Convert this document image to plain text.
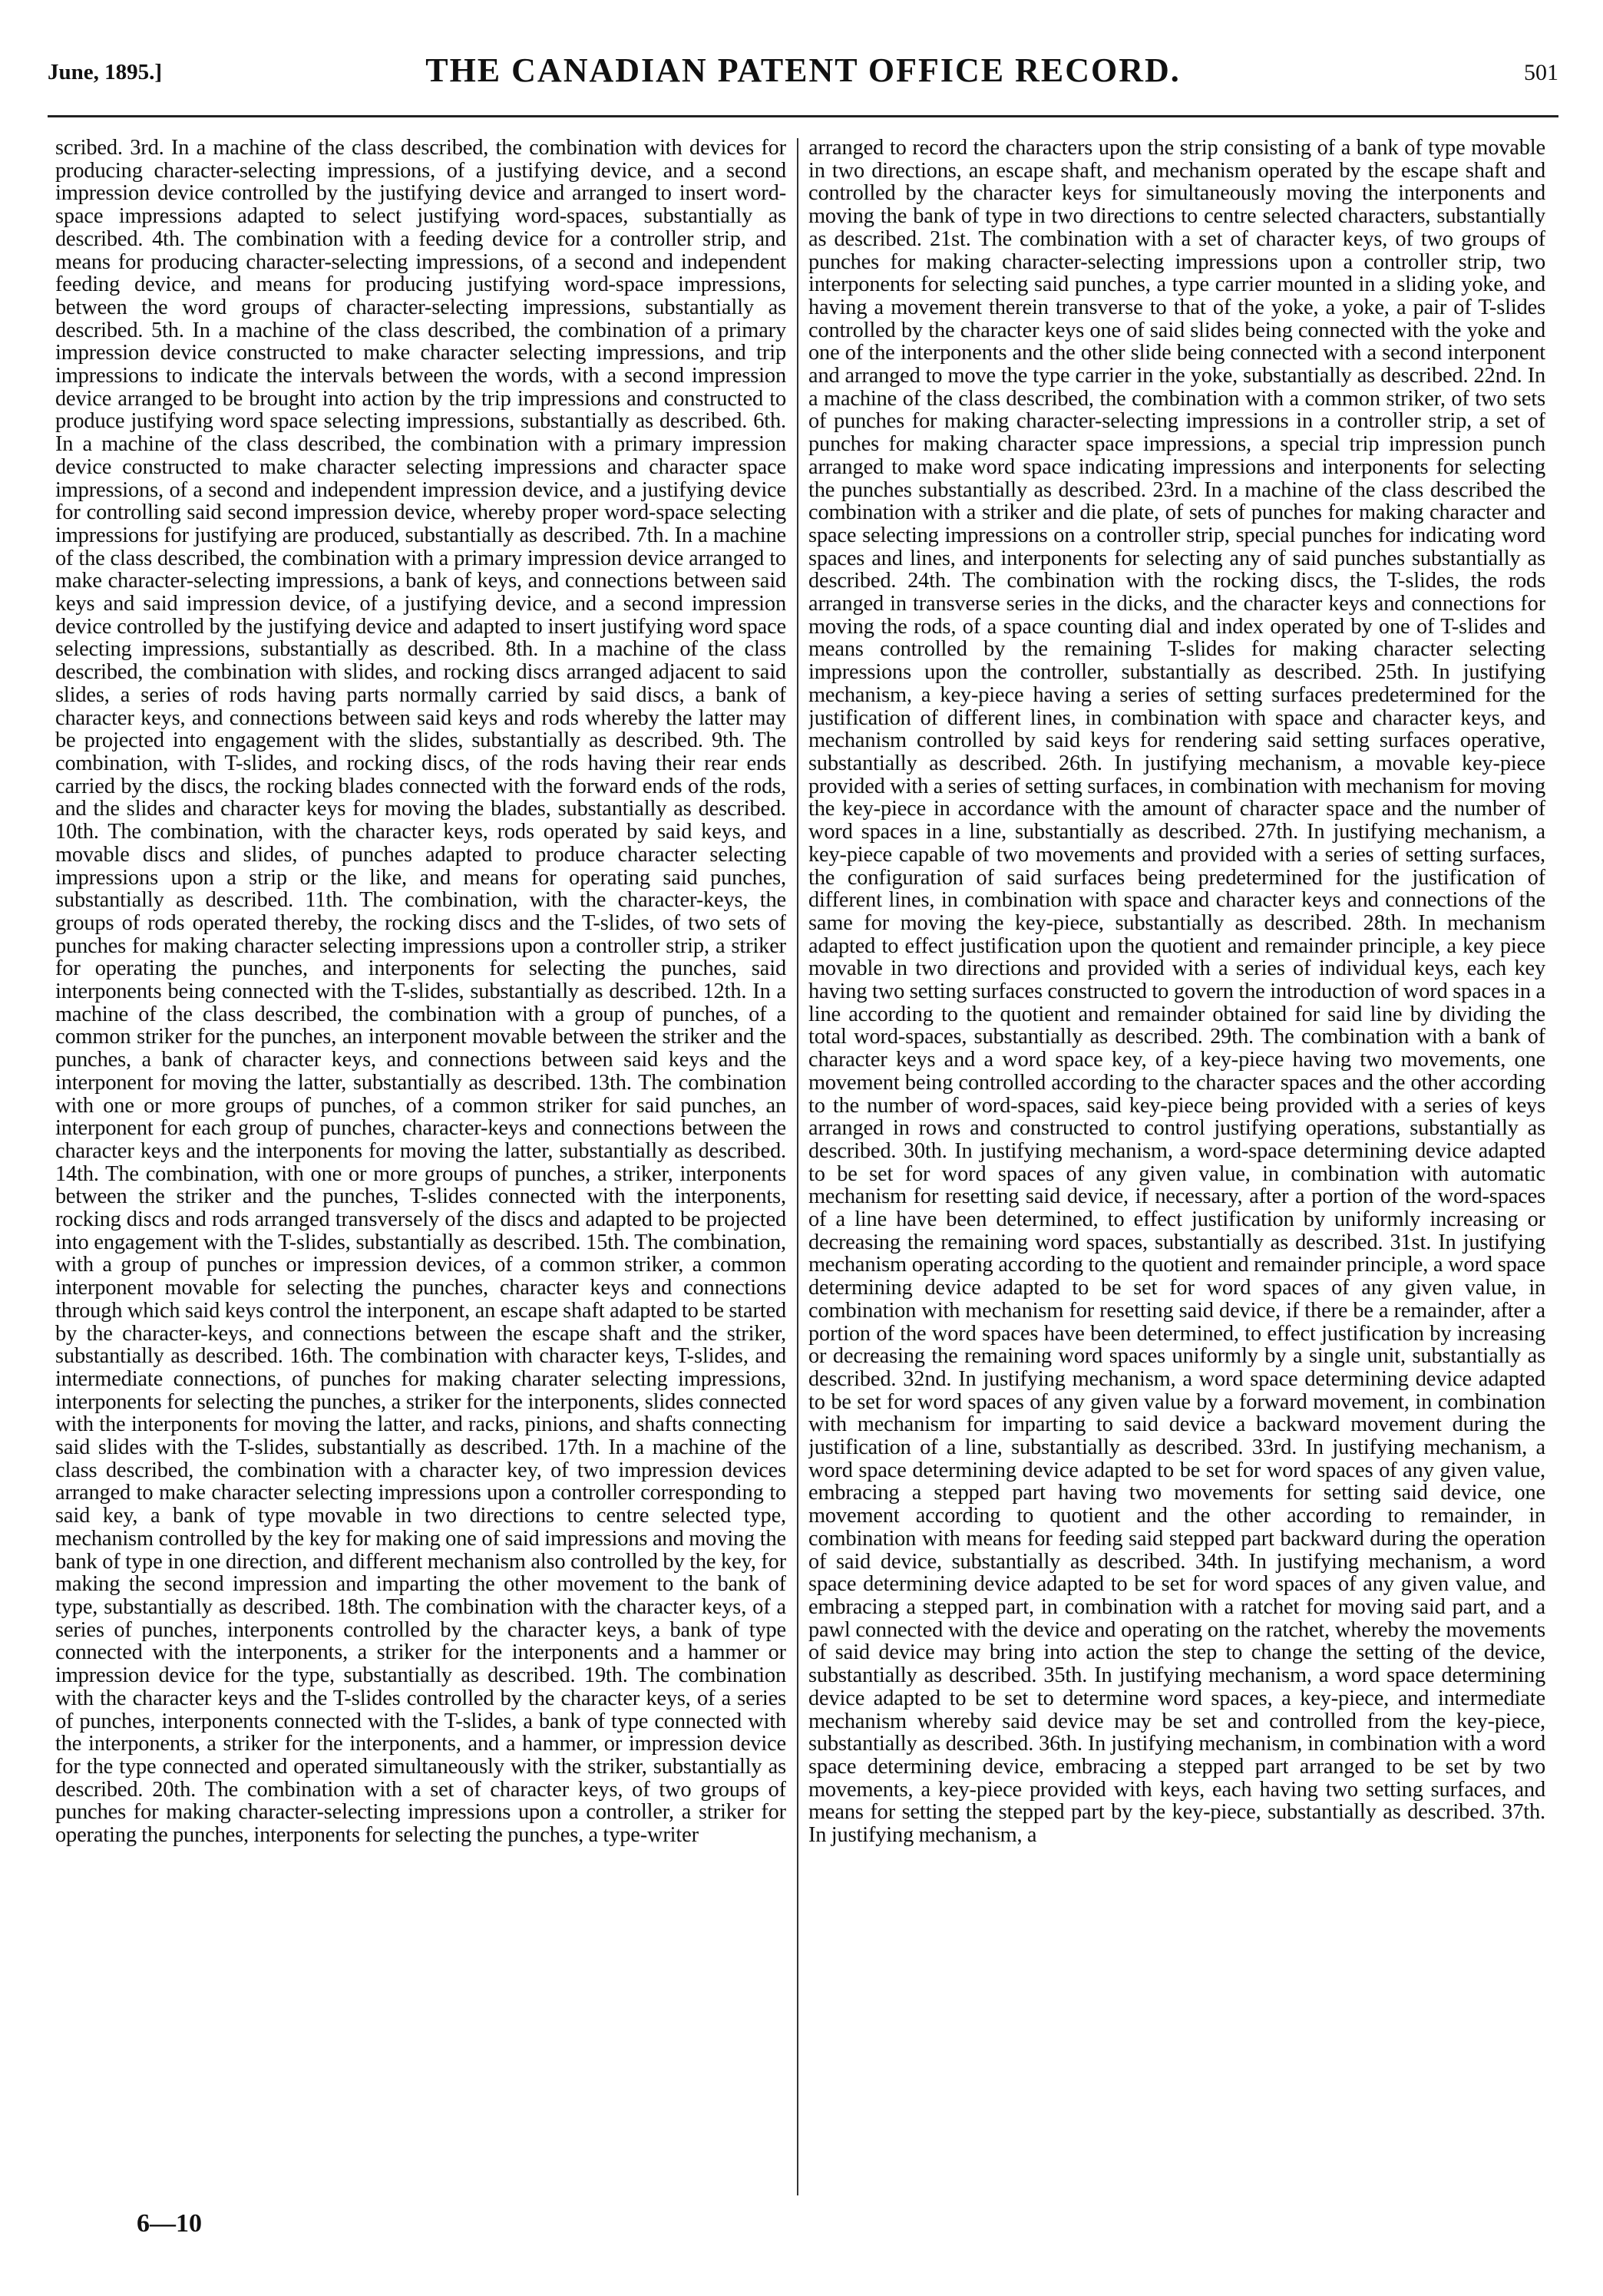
June, 1895.]	THE CANADIAN PATENT OFFICE RECORD.	501

scribed. 3rd. In a machine of the class described, the combination with devices for producing character-selecting impressions, of a justifying device, and a second impression device controlled by the justifying device and arranged to insert word-space impressions adapted to select justifying word-spaces, substantially as described. 4th. The combination with a feeding device for a controller strip, and means for producing character-selecting impressions, of a second and independent feeding device, and means for producing justifying word-space impressions, between the word groups of character-selecting impressions, substantially as described. 5th. In a machine of the class described, the combination of a primary impression device constructed to make character selecting impressions, and trip impressions to indicate the intervals between the words, with a second impression device arranged to be brought into action by the trip impressions and constructed to produce justifying word space selecting impressions, substantially as described. 6th. In a machine of the class described, the combination with a primary impression device constructed to make character selecting impressions and character space impressions, of a second and independent impression device, and a justifying device for controlling said second impression device, whereby proper word-space selecting impressions for justifying are produced, substantially as described. 7th. In a machine of the class described, the combination with a primary impression device arranged to make character-selecting impressions, a bank of keys, and connections between said keys and said impression device, of a justifying device, and a second impression device controlled by the justifying device and adapted to insert justifying word space selecting impressions, substantially as described. 8th. In a machine of the class described, the combination with slides, and rocking discs arranged adjacent to said slides, a series of rods having parts normally carried by said discs, a bank of character keys, and connections between said keys and rods whereby the latter may be projected into engagement with the slides, substantially as described. 9th. The combination, with T-slides, and rocking discs, of the rods having their rear ends carried by the discs, the rocking blades connected with the forward ends of the rods, and the slides and character keys for moving the blades, substantially as described. 10th. The combination, with the character keys, rods operated by said keys, and movable discs and slides, of punches adapted to produce character selecting impressions upon a strip or the like, and means for operating said punches, substantially as described. 11th. The combination, with the character-keys, the groups of rods operated thereby, the rocking discs and the T-slides, of two sets of punches for making character selecting impressions upon a controller strip, a striker for operating the punches, and interponents for selecting the punches, said interponents being connected with the T-slides, substantially as described. 12th. In a machine of the class described, the combination with a group of punches, of a common striker for the punches, an interponent movable between the striker and the punches, a bank of character keys, and connections between said keys and the interponent for moving the latter, substantially as described. 13th. The combination with one or more groups of punches, of a common striker for said punches, an interponent for each group of punches, character-keys and connections between the character keys and the interponents for moving the latter, substantially as described. 14th. The combination, with one or more groups of punches, a striker, interponents between the striker and the punches, T-slides connected with the interponents, rocking discs and rods arranged transversely of the discs and adapted to be projected into engagement with the T-slides, substantially as described. 15th. The combination, with a group of punches or impression devices, of a common striker, a common interponent movable for selecting the punches, character keys and connections through which said keys control the interponent, an escape shaft adapted to be started by the character-keys, and connections between the escape shaft and the striker, substantially as described. 16th. The combination with character keys, T-slides, and intermediate connections, of punches for making charater selecting impressions, interponents for selecting the punches, a striker for the interponents, slides connected with the interponents for moving the latter, and racks, pinions, and shafts connecting said slides with the T-slides, substantially as described. 17th. In a machine of the class described, the combination with a character key, of two impression devices arranged to make character selecting impressions upon a controller corresponding to said key, a bank of type movable in two directions to centre selected type, mechanism controlled by the key for making one of said impressions and moving the bank of type in one direction, and different mechanism also controlled by the key, for making the second impression and imparting the other movement to the bank of type, substantially as described. 18th. The combination with the character keys, of a series of punches, interponents controlled by the character keys, a bank of type connected with the interponents, a striker for the interponents and a hammer or impression device for the type, substantially as described. 19th. The combination with the character keys and the T-slides controlled by the character keys, of a series of punches, interponents connected with the T-slides, a bank of type connected with the interponents, a striker for the interponents, and a hammer, or impression device for the type connected and operated simultaneously with the striker, substantially as described. 20th. The combination with a set of character keys, of two groups of punches for making character-selecting impressions upon a controller, a striker for operating the punches, interponents for selecting the punches, a type-writer

arranged to record the characters upon the strip consisting of a bank of type movable in two directions, an escape shaft, and mechanism operated by the escape shaft and controlled by the character keys for simultaneously moving the interponents and moving the bank of type in two directions to centre selected characters, substantially as described. 21st. The combination with a set of character keys, of two groups of punches for making character-selecting impressions upon a controller strip, two interponents for selecting said punches, a type carrier mounted in a sliding yoke, and having a movement therein transverse to that of the yoke, a yoke, a pair of T-slides controlled by the character keys one of said slides being connected with the yoke and one of the interponents and the other slide being connected with a second interponent and arranged to move the type carrier in the yoke, substantially as described. 22nd. In a machine of the class described, the combination with a common striker, of two sets of punches for making character-selecting impressions in a controller strip, a set of punches for making character space impressions, a special trip impression punch arranged to make word space indicating impressions and interponents for selecting the punches substantially as described. 23rd. In a machine of the class described the combination with a striker and die plate, of sets of punches for making character and space selecting impressions on a controller strip, special punches for indicating word spaces and lines, and interponents for selecting any of said punches substantially as described. 24th. The combination with the rocking discs, the T-slides, the rods arranged in transverse series in the dicks, and the character keys and connections for moving the rods, of a space counting dial and index operated by one of T-slides and means controlled by the remaining T-slides for making character selecting impressions upon the controller, substantially as described. 25th. In justifying mechanism, a key-piece having a series of setting surfaces predetermined for the justification of different lines, in combination with space and character keys, and mechanism controlled by said keys for rendering said setting surfaces operative, substantially as described. 26th. In justifying mechanism, a movable key-piece provided with a series of setting surfaces, in combination with mechanism for moving the key-piece in accordance with the amount of character space and the number of word spaces in a line, substantially as described. 27th. In justifying mechanism, a key-piece capable of two movements and provided with a series of setting surfaces, the configuration of said surfaces being predetermined for the justification of different lines, in combination with space and character keys and connections of the same for moving the key-piece, substantially as described. 28th. In mechanism adapted to effect justification upon the quotient and remainder principle, a key piece movable in two directions and provided with a series of individual keys, each key having two setting surfaces constructed to govern the introduction of word spaces in a line according to the quotient and remainder obtained for said line by dividing the total word-spaces, substantially as described. 29th. The combination with a bank of character keys and a word space key, of a key-piece having two movements, one movement being controlled according to the character spaces and the other according to the number of word-spaces, said key-piece being provided with a series of keys arranged in rows and constructed to control justifying operations, substantially as described. 30th. In justifying mechanism, a word-space determining device adapted to be set for word spaces of any given value, in combination with automatic mechanism for resetting said device, if necessary, after a portion of the word-spaces of a line have been determined, to effect justification by uniformly increasing or decreasing the remaining word spaces, substantially as described. 31st. In justifying mechanism operating according to the quotient and remainder principle, a word space determining device adapted to be set for word spaces of any given value, in combination with mechanism for resetting said device, if there be a remainder, after a portion of the word spaces have been determined, to effect justification by increasing or decreasing the remaining word spaces uniformly by a single unit, substantially as described. 32nd. In justifying mechanism, a word space determining device adapted to be set for word spaces of any given value by a forward movement, in combination with mechanism for imparting to said device a backward movement during the justification of a line, substantially as described. 33rd. In justifying mechanism, a word space determining device adapted to be set for word spaces of any given value, embracing a stepped part having two movements for setting said device, one movement according to quotient and the other according to remainder, in combination with means for feeding said stepped part backward during the operation of said device, substantially as described. 34th. In justifying mechanism, a word space determining device adapted to be set for word spaces of any given value, and embracing a stepped part, in combination with a ratchet for moving said part, and a pawl connected with the device and operating on the ratchet, whereby the movements of said device may bring into action the step to change the setting of the device, substantially as described. 35th. In justifying mechanism, a word space determining device adapted to be set to determine word spaces, a key-piece, and intermediate mechanism whereby said device may be set and controlled from the key-piece, substantially as described. 36th. In justifying mechanism, in combination with a word space determining device, embracing a stepped part arranged to be set by two movements, a key-piece provided with keys, each having two setting surfaces, and means for setting the stepped part by the key-piece, substantially as described. 37th. In justifying mechanism, a

6—10
